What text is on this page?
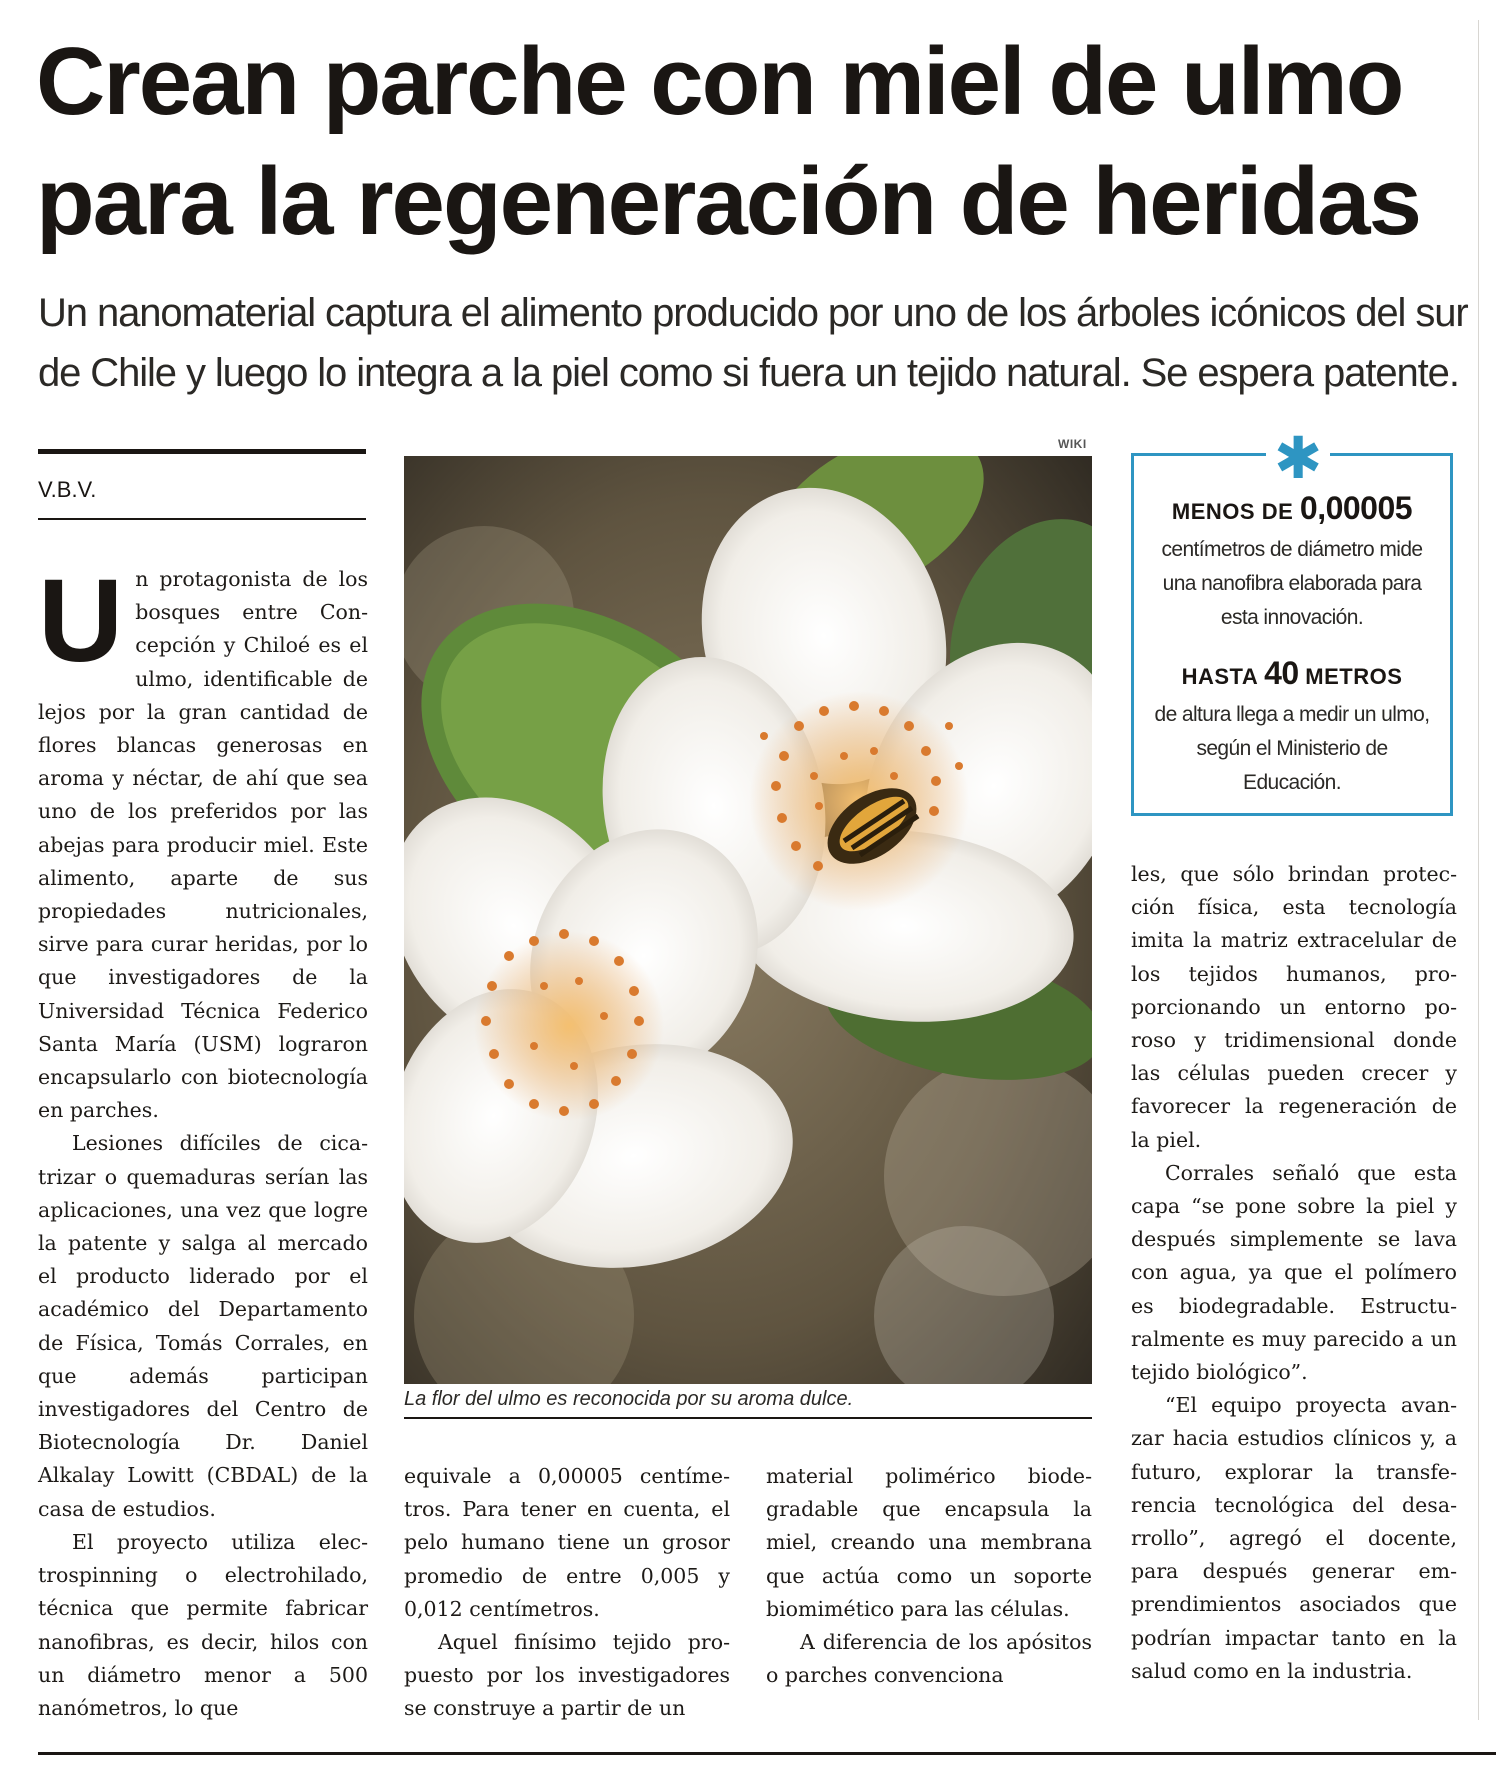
Crean parche con miel de ulmo
para la regeneración de heridas

Un nanomaterial captura el alimento producido por uno de los árboles icónicos del sur
de Chile y luego lo integra a la piel como si fuera un tejido natural. Se espera patente.

V.B.V.
U n protagonista de los bosques entre Concepción y Chiloé es el ulmo, identificable de lejos por la gran cantidad de flores blancas generosas en aroma y néctar, de ahí que sea uno de los preferidos por las abejas para producir miel. Este alimento, aparte de sus propiedades nutricionales, sirve para curar heridas, por lo que investigadores de la Universidad Técnica Federico Santa María (USM) lograron encapsularlo con biotecnología en parches.

Lesiones difíciles de cicatrizar o quemaduras serían las aplicaciones, una vez que logre la patente y salga al mercado el producto liderado por el académico del Departamento de Física, Tomás Corrales, en que además participan investigadores del Centro de Biotecnología Dr. Daniel Alkalay Lowitt (CBDAL) de la casa de estudios.

El proyecto utiliza electrospinning o electrohilado, técnica que permite fabricar nanofibras, es decir, hilos con un diámetro menor a 500 nanómetros, lo que

WIKI

La flor del ulmo es reconocida por su aroma dulce.

✱
MENOS DE 0,00005

centímetros de diámetro mide una nanofibra elaborada para esta innovación.

HASTA 40 METROS

de altura llega a medir un ulmo, según el Ministerio de Educación.

equivale a 0,00005 centímetros. Para tener en cuenta, el pelo humano tiene un grosor promedio de entre 0,005 y 0,012 centímetros.

Aquel finísimo tejido propuesto por los investigadores se construye a partir de un

material polimérico biodegradable que encapsula la miel, creando una membrana que actúa como un soporte biomimético para las células.

A diferencia de los apósitos o parches convenciona

les, que sólo brindan protección física, esta tecnología imita la matriz extracelular de los tejidos humanos, proporcionando un entorno poroso y tridimensional donde las células pueden crecer y favorecer la regeneración de la piel.

Corrales señaló que esta capa “se pone sobre la piel y después simplemente se lava con agua, ya que el polímero es biodegradable. Estructuralmente es muy parecido a un tejido biológico”.

“El equipo proyecta avanzar hacia estudios clínicos y, a futuro, explorar la transferencia tecnológica del desarrollo”, agregó el docente, para después generar emprendimientos asociados que podrían impactar tanto en la salud como en la industria.
